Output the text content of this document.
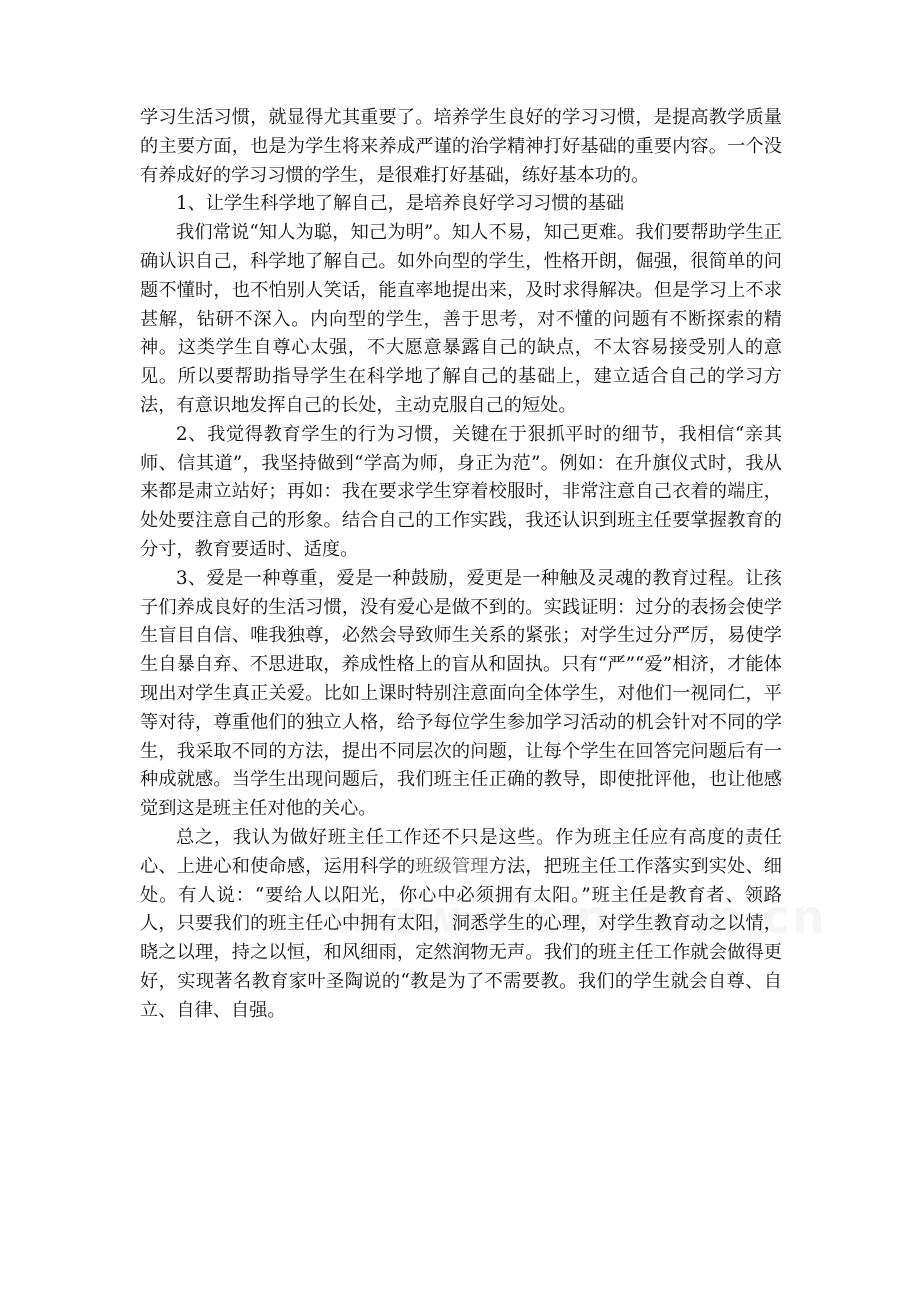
学习生活习惯，就显得尤其重要了。培养学生良好的学习习惯，是提高教学质量的主要方面，也是为学生将来养成严谨的治学精神打好基础的重要内容。一个没有养成好的学习习惯的学生，是很难打好基础，练好基本功的。

1、让学生科学地了解自己，是培养良好学习习惯的基础

我们常说“知人为聪，知己为明”。知人不易，知己更难。我们要帮助学生正确认识自己，科学地了解自己。如外向型的学生，性格开朗，倔强，很简单的问题不懂时，也不怕别人笑话，能直率地提出来，及时求得解决。但是学习上不求甚解，钻研不深入。内向型的学生，善于思考，对不懂的问题有不断探索的精神。这类学生自尊心太强，不大愿意暴露自己的缺点，不太容易接受别人的意见。所以要帮助指导学生在科学地了解自己的基础上，建立适合自己的学习方法，有意识地发挥自己的长处，主动克服自己的短处。

2、我觉得教育学生的行为习惯，关键在于狠抓平时的细节，我相信“亲其师、信其道”，我坚持做到“学高为师，身正为范”。例如：在升旗仪式时，我从来都是肃立站好；再如：我在要求学生穿着校服时，非常注意自己衣着的端庄，处处要注意自己的形象。结合自己的工作实践，我还认识到班主任要掌握教育的分寸，教育要适时、适度。

3、爱是一种尊重，爱是一种鼓励，爱更是一种触及灵魂的教育过程。让孩子们养成良好的生活习惯，没有爱心是做不到的。实践证明：过分的表扬会使学生盲目自信、唯我独尊，必然会导致师生关系的紧张；对学生过分严厉，易使学生自暴自弃、不思进取，养成性格上的盲从和固执。只有“严”“爱”相济，才能体现出对学生真正关爱。比如上课时特别注意面向全体学生，对他们一视同仁，平等对待，尊重他们的独立人格，给予每位学生参加学习活动的机会针对不同的学生，我采取不同的方法，提出不同层次的问题，让每个学生在回答完问题后有一种成就感。当学生出现问题后，我们班主任正确的教导，即使批评他，也让他感觉到这是班主任对他的关心。

总之，我认为做好班主任工作还不只是这些。作为班主任应有高度的责任心、上进心和使命感，运用科学的班级管理方法，把班主任工作落实到实处、细处。有人说：“要给人以阳光，你心中必须拥有太阳。”班主任是教育者、领路人，只要我们的班主任心中拥有太阳，洞悉学生的心理，对学生教育动之以情，晓之以理，持之以恒，和风细雨，定然润物无声。我们的班主任工作就会做得更好，实现著名教育家叶圣陶说的“教是为了不需要教。我们的学生就会自尊、自立、自律、自强。
